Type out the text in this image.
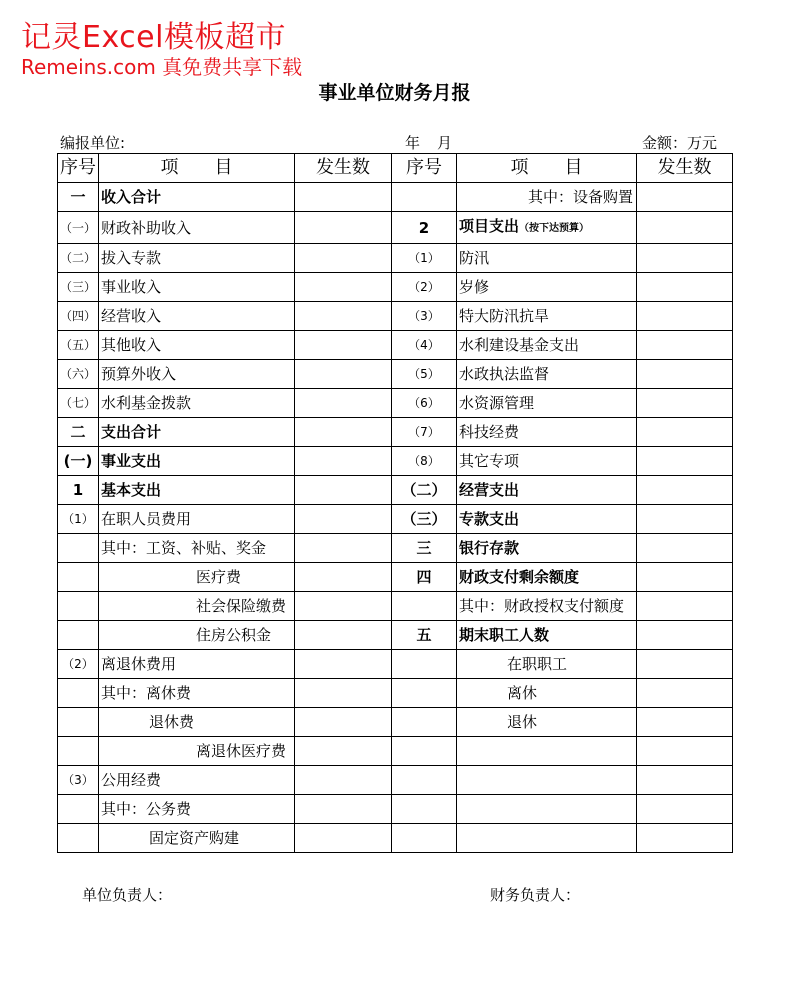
记灵Excel模板超市
Remeins.com 真免费共享下载
事业单位财务月报
编报单位:	年 月	金额：万元
序号	项　　目	发生数	序号	项　　目	发生数
一	收入合计			其中：设备购置	
（一）	财政补助收入		2	项目支出（按下达预算）	
（二）	拔入专款		（1）	防汛	
（三）	事业收入		（2）	岁修	
（四）	经营收入		（3）	特大防汛抗旱	
（五）	其他收入		（4）	水利建设基金支出	
（六）	预算外收入		（5）	水政执法监督	
（七）	水利基金拨款		（6）	水资源管理	
二	支出合计		（7）	科技经费	
(一)	事业支出		（8）	其它专项	
1	基本支出		（二）	经营支出	
（1）	在职人员费用		（三）	专款支出	
	其中：工资、补贴、奖金		三	银行存款	
	医疗费		四	财政支付剩余额度	
	社会保险缴费			其中：财政授权支付额度	
	住房公积金		五	期末职工人数	
（2）	离退休费用			在职职工	
	其中：离休费			离休	
	退休费			退休	
	离退休医疗费				
（3）	公用经费				
	其中：公务费				
	固定资产购建				
单位负责人：	财务负责人：
